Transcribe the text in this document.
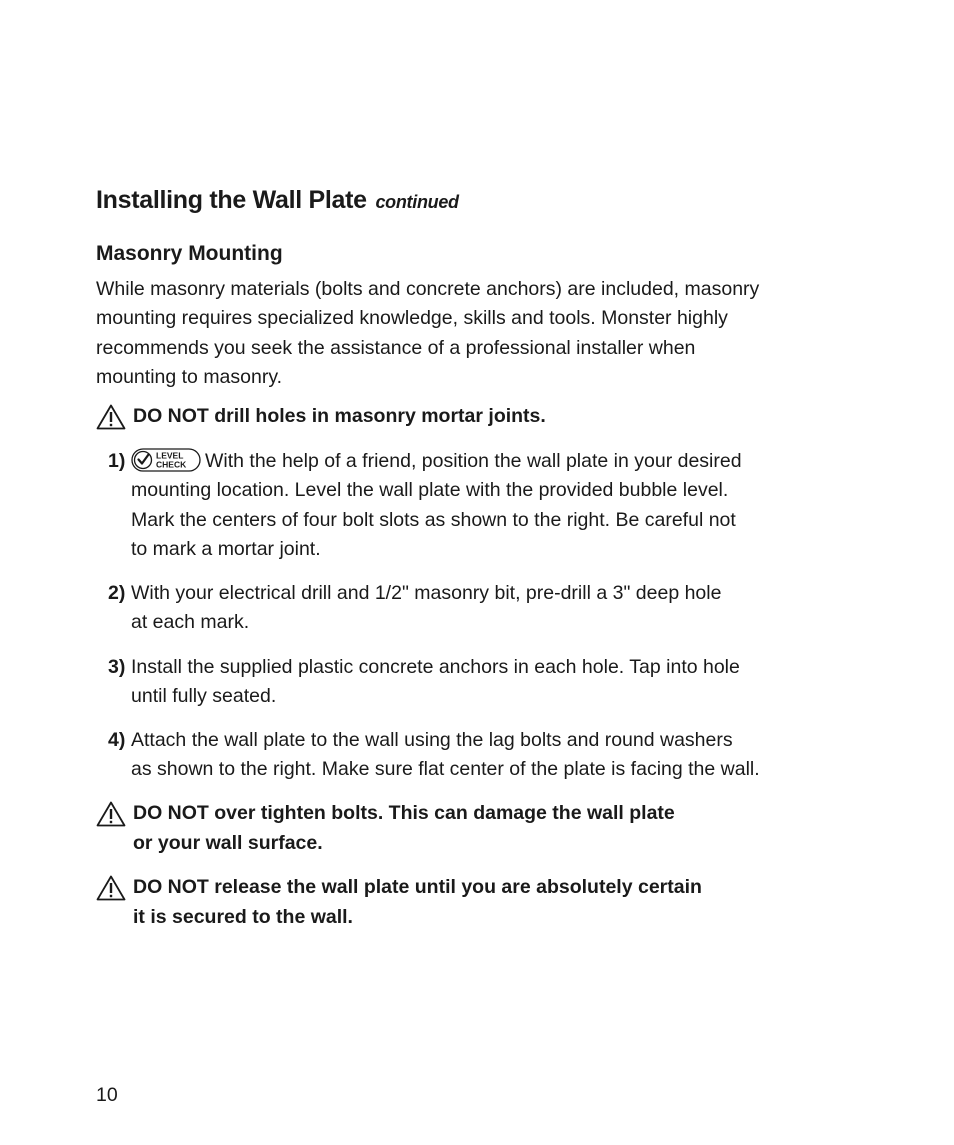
Installing the Wall Plate continued
Masonry Mounting
While masonry materials (bolts and concrete anchors) are included, masonry
mounting requires specialized knowledge, skills and tools. Monster highly
recommends you seek the assistance of a professional installer when
mounting to masonry.
DO NOT drill holes in masonry mortar joints.
1)	LEVEL
CHECK With the help of a friend, position the wall plate in your desired
mounting location. Level the wall plate with the provided bubble level.
Mark the centers of four bolt slots as shown to the right. Be careful not
to mark a mortar joint.
2) With your electrical drill and 1/2" masonry bit, pre-drill a 3" deep hole
at each mark.
3) Install the supplied plastic concrete anchors in each hole. Tap into hole
until fully seated.
4) Attach the wall plate to the wall using the lag bolts and round washers
as shown to the right. Make sure flat center of the plate is facing the wall.
DO NOT over tighten bolts. This can damage the wall plate
or your wall surface.
DO NOT release the wall plate until you are absolutely certain
it is secured to the wall.
10
